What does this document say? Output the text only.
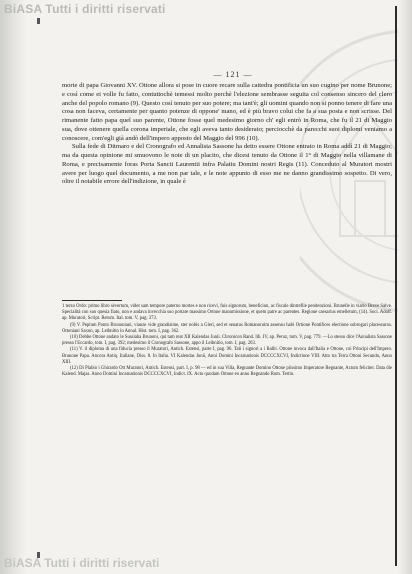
BiASA Tutti i diritti riservati
— 121 —

morte di papa Giovanni XV. Ottone allora si pose in cuore recare sulla cattedra pontificia un suo cugino per nome Brunone; e così come ei volle fu fatto, contuttochè temessi molto perchè l'elezione sembrasse seguita col consenso sincero del clero anche del popolo romano (9). Questo così tenuto per suo potere; ma tant'è; gli uomini quando non si ponno tenere di fare una cosa non faceva, certamente per quanto potenze di oppone' mano, ed è più bravo colui che fa a sua posta e non scrisse. Del rimanente fatto papa quel suo parente, Ottone fosse quel medesimo giorno ch' egli entrò in Roma, che fu il 21 di Maggio sua, dove ottenere quella corona imperiale, che egli aveva tanto desiderato; perciocchè da parecchi suoi diplomi veniamo a conoscere, com'egli già andò dell'impero apposto del Maggio del 996 (10).

Sulla fede di Ditmaro e del Cronografo ed Annalista Sassone ha detto essere Ottone entrato in Roma addì 21 di Maggio; ma da questa opinione mi smuovono le note di un placito, che dicesi tenuto da Ottone il 1° di Maggio nella villamane di Roma, e precisamente foras Porta Sancti Laurentii infra Palatiu Domini nostri Regis (11). Conceduto al Muratori mostri avere per luogo quel documento, a me non par tale, e le note appunto di esso me ne danno grandissimo sospetto. Di vero, oltre il notabile errore dell'indizione, in quale è

1 terzo Ordo: primo libro sèvertum, videt sam tempore paterno mortes e non ricevi, fuis signorum, beneficion, ac fiscale dintrefile penitenzioni. Brunelle in viario Breve Salve. Specialità con suo quesia fiato, non e andava invecchia suo portare massimo Ortone manumissione, et quem patre ac parentes. Regione caesarius emelletum, (14). Soci. Adolf. ap. Muratori, Script. Rerum. Ital. tom. V, pag. 373.

(9) V. Peplum Ponto Brunoniani, vianze vide grandisime, ster nobis a Gleri, sed et senatus Romanoruim assensu habi Ortione Pontifices electione subrogari placessuros. Ottoniani Saxon, ap. Leibnitio in Annal. Hist. tom. I, pag. 362.

(10) Debbe Ottone andato le Sussiaba Brunoni, qui tam reat XII Kalendas Junii. Chronicon Rand. lib. IV, ap. Peruz, tom. V, pag. 779. —Lo stesso dice l'Annalista Sassone presso l'Eccardo, tom. I, pag. 392; medesimo il Cronografo Sassone, appo il Leibnitio, tom. I, pag. 203.

(11) V. il diploma di una fiducia presso il Muratori, Antich. Estensi, parte I, pag. 96. Tali i signori a i Balbi. Ottone invoca dall'Italia e Ottone, coi Principi dell'Impero. Brunone Papa. Ancora Antiq. Italiane, Diss. 8. In Italia. VI Kalendas Junii, Anni Domini Incarnationis DCCCCXCVI, Indictione VIII. Atto tra Terra Ottoni Secundo, Anno XIII.

(12) Di Plabio i Ghirardo Ott Muratori, Antich. Estensi, part. I, p. 98 — ed in sua Villa, Regnante Domino Ottone piissimo Imperatore Regnante, Actum feliciter. Data die Kalend. Majas. Anno Domini Incarnationis DCCCCXCVI, Indict. IX. Acto quodam Ottone eo anno Regnando Rom. Tertio.

BiASA Tutti i diritti riservati
